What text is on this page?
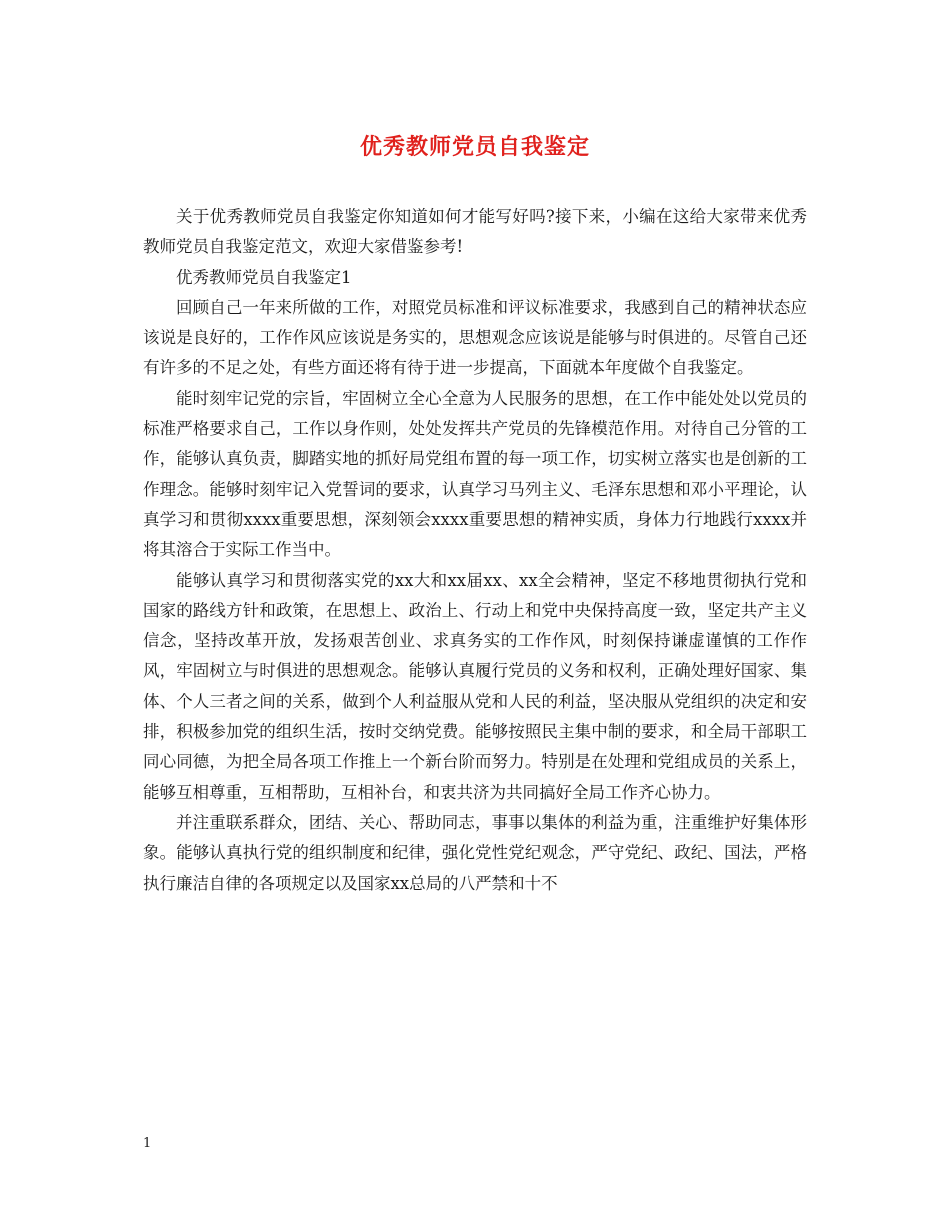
优秀教师党员自我鉴定

关于优秀教师党员自我鉴定你知道如何才能写好吗?接下来，小编在这给大家带来优秀教师党员自我鉴定范文，欢迎大家借鉴参考!

优秀教师党员自我鉴定1

回顾自己一年来所做的工作，对照党员标准和评议标准要求，我感到自己的精神状态应该说是良好的，工作作风应该说是务实的，思想观念应该说是能够与时俱进的。尽管自己还有许多的不足之处，有些方面还将有待于进一步提高，下面就本年度做个自我鉴定。

能时刻牢记党的宗旨，牢固树立全心全意为人民服务的思想，在工作中能处处以党员的标准严格要求自己，工作以身作则，处处发挥共产党员的先锋模范作用。对待自己分管的工作，能够认真负责，脚踏实地的抓好局党组布置的每一项工作，切实树立落实也是创新的工作理念。能够时刻牢记入党誓词的要求，认真学习马列主义、毛泽东思想和邓小平理论，认真学习和贯彻xxxx重要思想，深刻领会xxxx重要思想的精神实质，身体力行地践行xxxx并将其溶合于实际工作当中。

能够认真学习和贯彻落实党的xx大和xx届xx、xx全会精神，坚定不移地贯彻执行党和国家的路线方针和政策，在思想上、政治上、行动上和党中央保持高度一致，坚定共产主义信念，坚持改革开放，发扬艰苦创业、求真务实的工作作风，时刻保持谦虚谨慎的工作作风，牢固树立与时俱进的思想观念。能够认真履行党员的义务和权利，正确处理好国家、集体、个人三者之间的关系，做到个人利益服从党和人民的利益，坚决服从党组织的决定和安排，积极参加党的组织生活，按时交纳党费。能够按照民主集中制的要求，和全局干部职工同心同德，为把全局各项工作推上一个新台阶而努力。特别是在处理和党组成员的关系上，能够互相尊重，互相帮助，互相补台，和衷共济为共同搞好全局工作齐心协力。

并注重联系群众，团结、关心、帮助同志，事事以集体的利益为重，注重维护好集体形象。能够认真执行党的组织制度和纪律，强化党性党纪观念，严守党纪、政纪、国法，严格执行廉洁自律的各项规定以及国家xx总局的八严禁和十不

1
